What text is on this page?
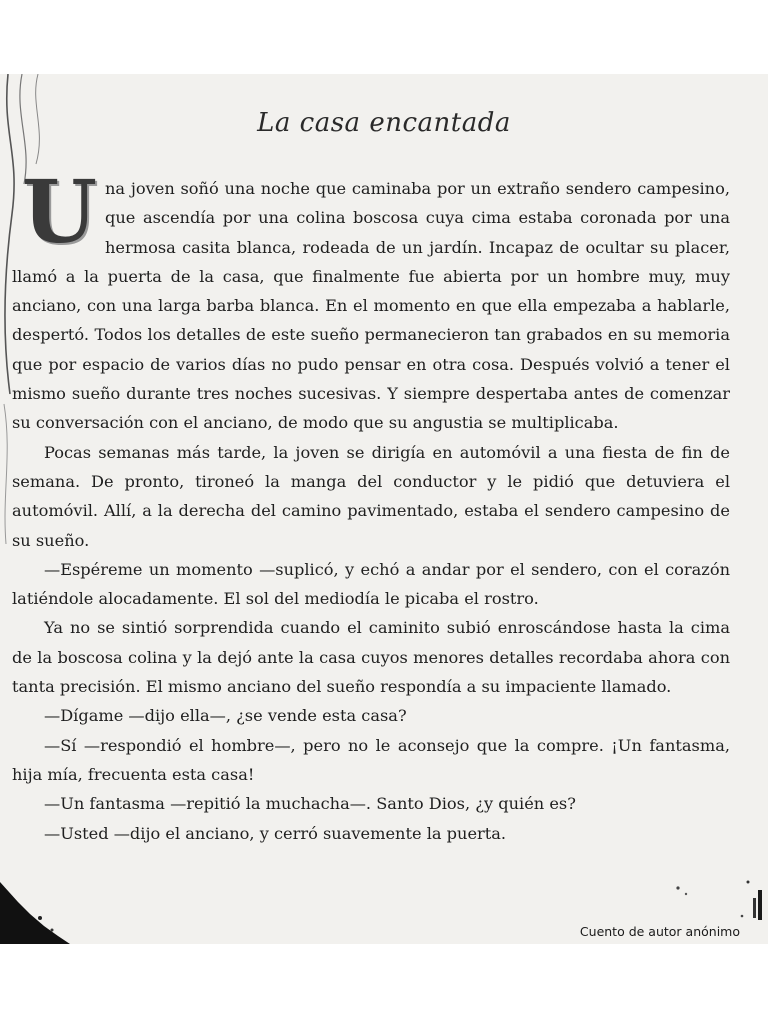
La casa encantada

Una joven soñó una noche que caminaba por un extraño sendero campesino, que ascendía por una colina boscosa cuya cima estaba coronada por una hermosa casita blanca, rodeada de un jardín. Incapaz de ocultar su placer, llamó a la puerta de la casa, que finalmente fue abierta por un hombre muy, muy anciano, con una larga barba blanca. En el momento en que ella empezaba a hablarle, despertó. Todos los detalles de este sueño permanecieron tan grabados en su memoria que por espacio de varios días no pudo pensar en otra cosa. Después volvió a tener el mismo sueño durante tres noches sucesivas. Y siempre despertaba antes de comenzar su conversación con el anciano, de modo que su angustia se multiplicaba.

Pocas semanas más tarde, la joven se dirigía en automóvil a una fiesta de fin de semana. De pronto, tironeó la manga del conductor y le pidió que detuviera el automóvil. Allí, a la derecha del camino pavimentado, estaba el sendero campesino de su sueño.

—Espéreme un momento —suplicó, y echó a andar por el sendero, con el corazón latiéndole alocadamente. El sol del mediodía le picaba el rostro.

Ya no se sintió sorprendida cuando el caminito subió enroscándose hasta la cima de la boscosa colina y la dejó ante la casa cuyos menores detalles recordaba ahora con tanta precisión. El mismo anciano del sueño respondía a su impaciente llamado.

—Dígame —dijo ella—, ¿se vende esta casa?

—Sí —respondió el hombre—, pero no le aconsejo que la compre. ¡Un fantasma, hija mía, frecuenta esta casa!

—Un fantasma —repitió la muchacha—. Santo Dios, ¿y quién es?

—Usted —dijo el anciano, y cerró suavemente la puerta.

Cuento de autor anónimo
